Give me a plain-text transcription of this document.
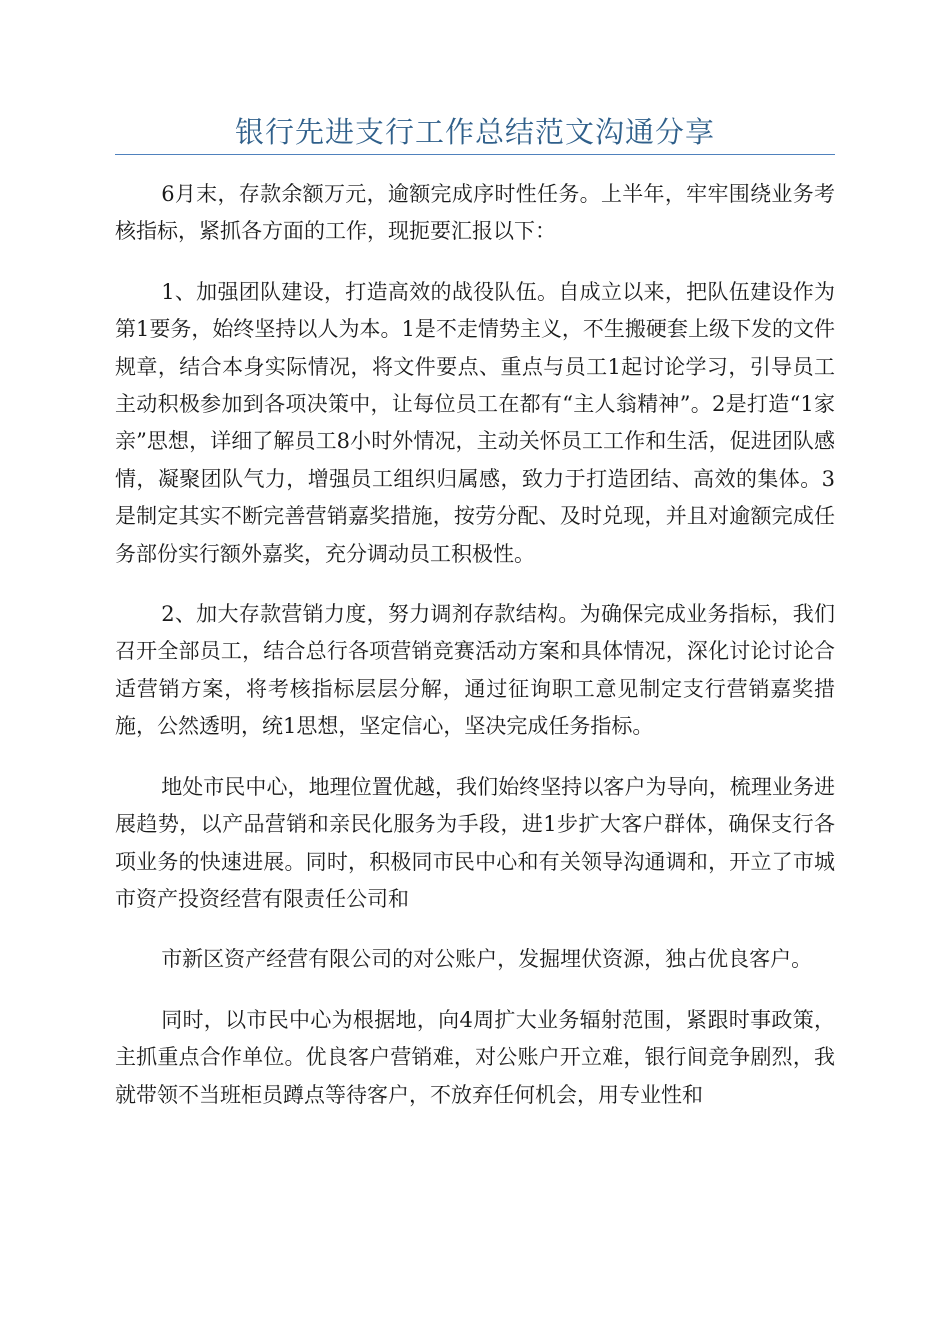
银行先进支行工作总结范文沟通分享

6月末，存款余额万元，逾额完成序时性任务。上半年，牢牢围绕业务考核指标，紧抓各方面的工作，现扼要汇报以下：

1、加强团队建设，打造高效的战役队伍。自成立以来，把队伍建设作为第1要务，始终坚持以人为本。1是不走情势主义，不生搬硬套上级下发的文件规章，结合本身实际情况，将文件要点、重点与员工1起讨论学习，引导员工主动积极参加到各项决策中，让每位员工在都有“主人翁精神”。2是打造“1家亲”思想，详细了解员工8小时外情况，主动关怀员工工作和生活，促进团队感情，凝聚团队气力，增强员工组织归属感，致力于打造团结、高效的集体。3是制定其实不断完善营销嘉奖措施，按劳分配、及时兑现，并且对逾额完成任务部份实行额外嘉奖，充分调动员工积极性。

2、加大存款营销力度，努力调剂存款结构。为确保完成业务指标，我们召开全部员工，结合总行各项营销竞赛活动方案和具体情况，深化讨论讨论合适营销方案，将考核指标层层分解，通过征询职工意见制定支行营销嘉奖措施，公然透明，统1思想，坚定信心，坚决完成任务指标。

地处市民中心，地理位置优越，我们始终坚持以客户为导向，梳理业务进展趋势，以产品营销和亲民化服务为手段，进1步扩大客户群体，确保支行各项业务的快速进展。同时，积极同市民中心和有关领导沟通调和，开立了市城市资产投资经营有限责任公司和

市新区资产经营有限公司的对公账户，发掘埋伏资源，独占优良客户。

同时，以市民中心为根据地，向4周扩大业务辐射范围，紧跟时事政策，主抓重点合作单位。优良客户营销难，对公账户开立难，银行间竞争剧烈，我就带领不当班柜员蹲点等待客户，不放弃任何机会，用专业性和
